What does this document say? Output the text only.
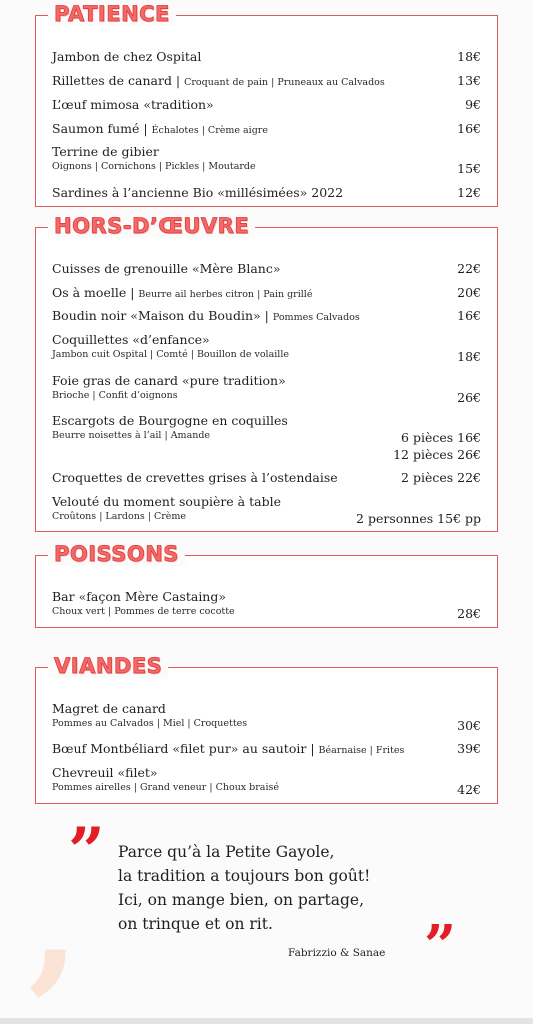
PATIENCE
Jambon de chez Ospital	18€
Rillettes de canard | Croquant de pain | Pruneaux au Calvados	13€
L’œuf mimosa «tradition»	9€
Saumon fumé | Échalotes | Crème aigre	16€
Terrine de gibier
Oignons | Cornichons | Pickles | Moutarde	15€
Sardines à l’ancienne Bio «millésimées» 2022	12€
HORS-D’ŒUVRE
Cuisses de grenouille «Mère Blanc»	22€
Os à moelle | Beurre ail herbes citron | Pain grillé	20€
Boudin noir «Maison du Boudin» | Pommes Calvados	16€
Coquillettes «d’enfance»
Jambon cuit Ospital | Comté | Bouillon de volaille	18€
Foie gras de canard «pure tradition»
Brioche | Confit d’oignons	26€
Escargots de Bourgogne en coquilles
Beurre noisettes à l’ail | Amande	6 pièces 16€
12 pièces 26€
Croquettes de crevettes grises à l’ostendaise	2 pièces 22€
Velouté du moment soupière à table
Croûtons | Lardons | Crème	2 personnes 15€ pp
POISSONS
Bar «façon Mère Castaing»
Choux vert | Pommes de terre cocotte	28€
VIANDES
Magret de canard
Pommes au Calvados | Miel | Croquettes	30€
Bœuf Montbéliard «filet pur» au sautoir | Béarnaise | Frites	39€
Chevreuil «filet»
Pommes airelles | Grand veneur | Choux braisé	42€
,
” Parce qu’à la Petite Gayole,
la tradition a toujours bon goût!
Ici, on mange bien, on partage,
on trinque et on rit.
Fabrizzio & Sanae ”
